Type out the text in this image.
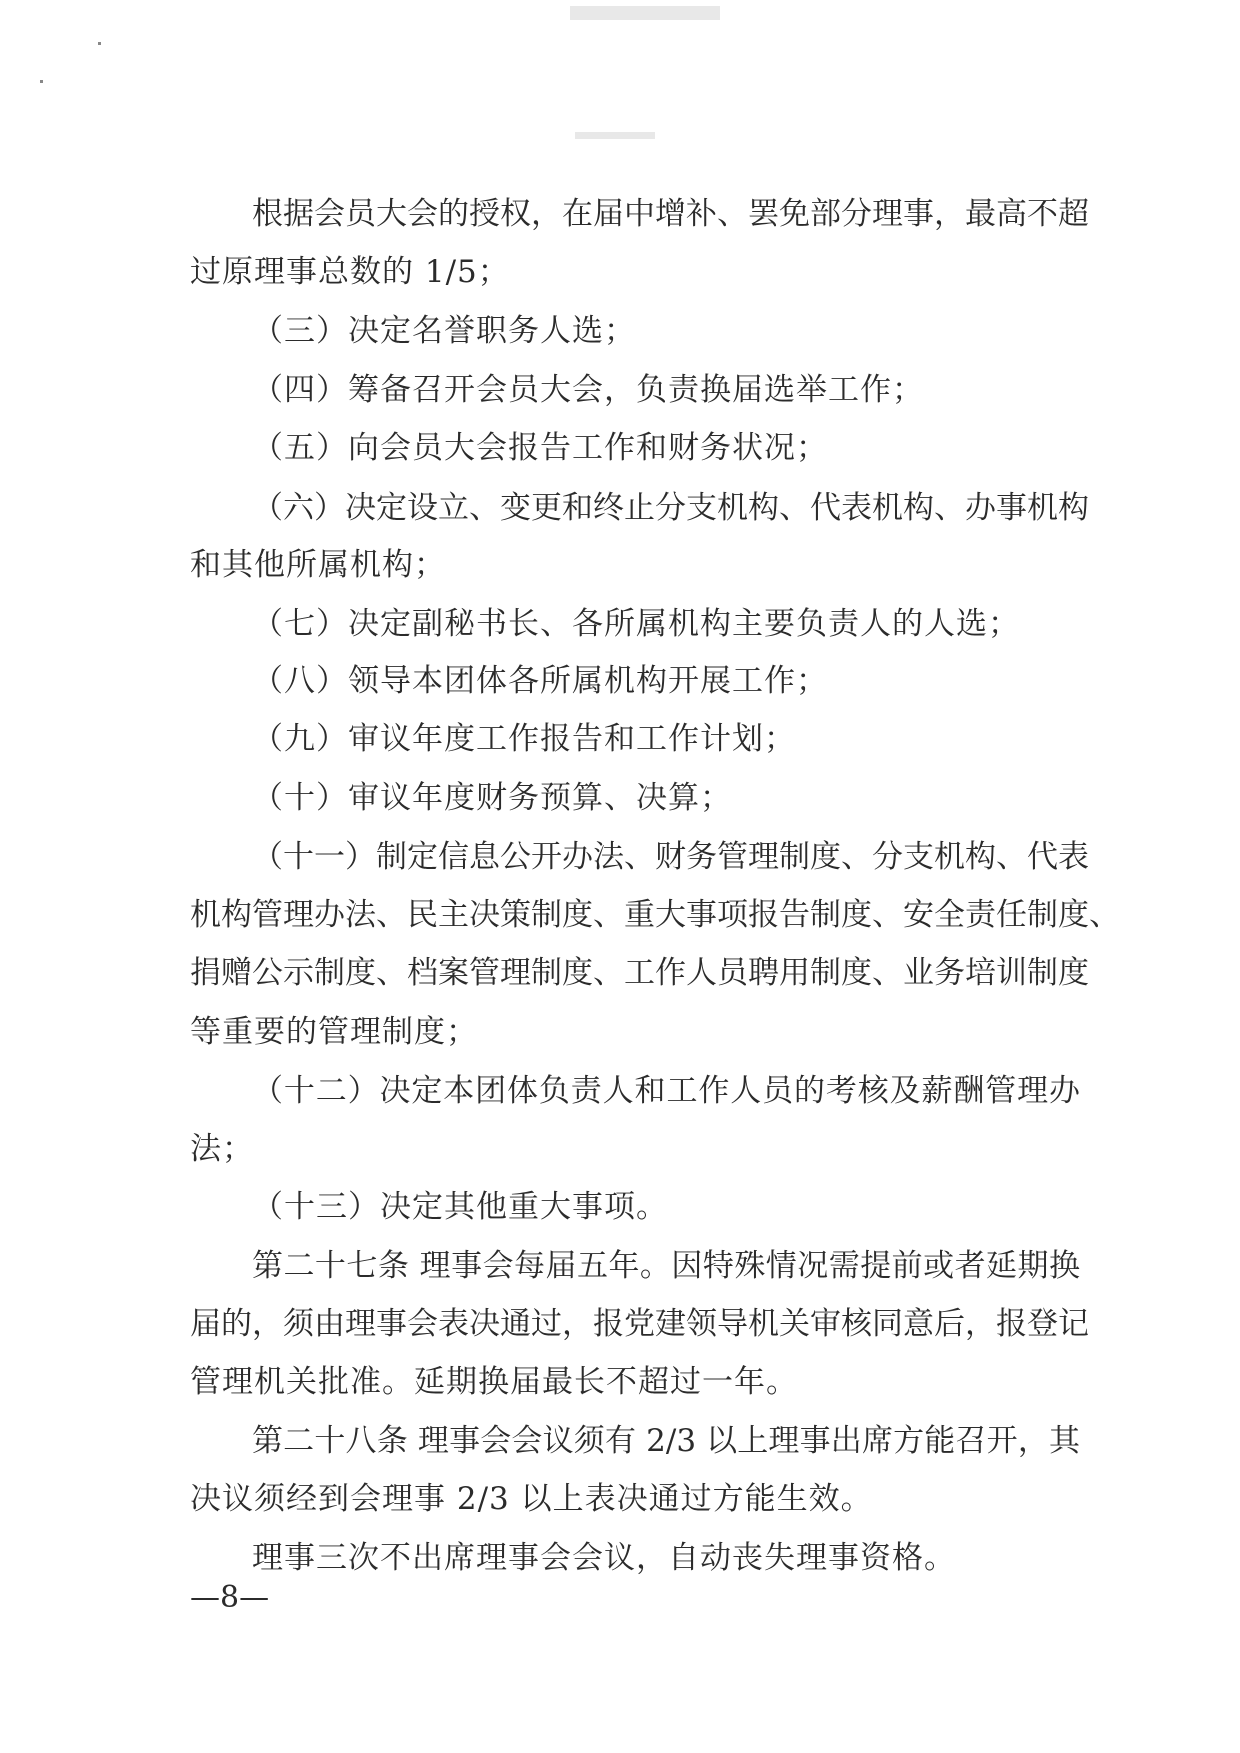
根据会员大会的授权，在届中增补、罢免部分理事，最高不超
过原理事总数的 1/5；
（三）决定名誉职务人选；
（四）筹备召开会员大会，负责换届选举工作；
（五）向会员大会报告工作和财务状况；
（六）决定设立、变更和终止分支机构、代表机构、办事机构
和其他所属机构；
（七）决定副秘书长、各所属机构主要负责人的人选；
（八）领导本团体各所属机构开展工作；
（九）审议年度工作报告和工作计划；
（十）审议年度财务预算、决算；
（十一）制定信息公开办法、财务管理制度、分支机构、代表
机构管理办法、民主决策制度、重大事项报告制度、安全责任制度、
捐赠公示制度、档案管理制度、工作人员聘用制度、业务培训制度
等重要的管理制度；
（十二）决定本团体负责人和工作人员的考核及薪酬管理办
法；
（十三）决定其他重大事项。
第二十七条 理事会每届五年。因特殊情况需提前或者延期换
届的，须由理事会表决通过，报党建领导机关审核同意后，报登记
管理机关批准。延期换届最长不超过一年。
第二十八条 理事会会议须有 2/3 以上理事出席方能召开，其
决议须经到会理事 2/3 以上表决通过方能生效。
理事三次不出席理事会会议，自动丧失理事资格。
—8—
